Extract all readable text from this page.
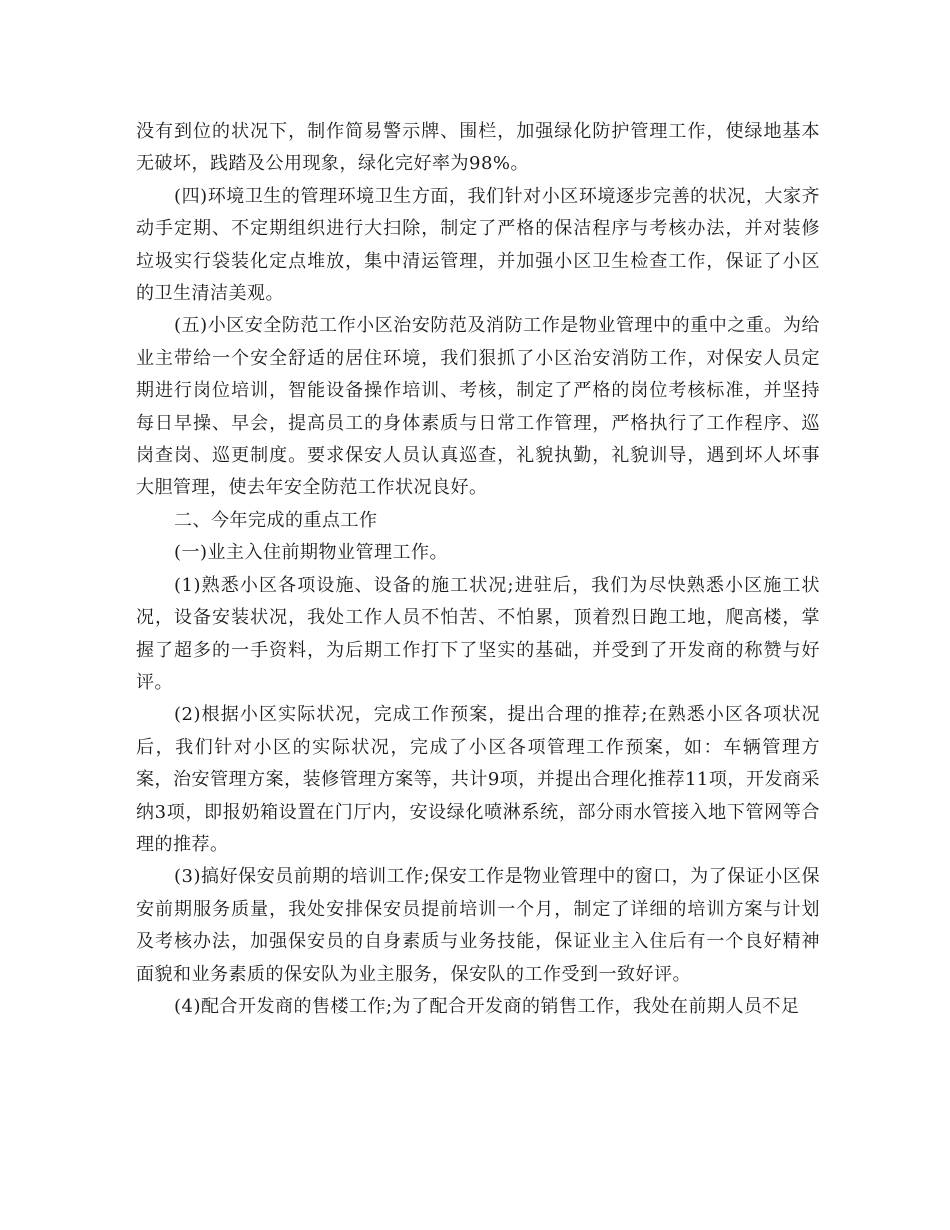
没有到位的状况下，制作简易警示牌、围栏，加强绿化防护管理工作，使绿地基本无破坏，践踏及公用现象，绿化完好率为98%。

(四)环境卫生的管理环境卫生方面，我们针对小区环境逐步完善的状况，大家齐动手定期、不定期组织进行大扫除，制定了严格的保洁程序与考核办法，并对装修垃圾实行袋装化定点堆放，集中清运管理，并加强小区卫生检查工作，保证了小区的卫生清洁美观。

(五)小区安全防范工作小区治安防范及消防工作是物业管理中的重中之重。为给业主带给一个安全舒适的居住环境，我们狠抓了小区治安消防工作，对保安人员定期进行岗位培训，智能设备操作培训、考核，制定了严格的岗位考核标准，并坚持每日早操、早会，提高员工的身体素质与日常工作管理，严格执行了工作程序、巡岗查岗、巡更制度。要求保安人员认真巡查，礼貌执勤，礼貌训导，遇到坏人坏事大胆管理，使去年安全防范工作状况良好。

二、今年完成的重点工作

(一)业主入住前期物业管理工作。

(1)熟悉小区各项设施、设备的施工状况;进驻后，我们为尽快熟悉小区施工状况，设备安装状况，我处工作人员不怕苦、不怕累，顶着烈日跑工地，爬高楼，掌握了超多的一手资料，为后期工作打下了坚实的基础，并受到了开发商的称赞与好评。

(2)根据小区实际状况，完成工作预案，提出合理的推荐;在熟悉小区各项状况后，我们针对小区的实际状况，完成了小区各项管理工作预案，如：车辆管理方案，治安管理方案，装修管理方案等，共计9项，并提出合理化推荐11项，开发商采纳3项，即报奶箱设置在门厅内，安设绿化喷淋系统，部分雨水管接入地下管网等合理的推荐。

(3)搞好保安员前期的培训工作;保安工作是物业管理中的窗口，为了保证小区保安前期服务质量，我处安排保安员提前培训一个月，制定了详细的培训方案与计划及考核办法，加强保安员的自身素质与业务技能，保证业主入住后有一个良好精神面貌和业务素质的保安队为业主服务，保安队的工作受到一致好评。

(4)配合开发商的售楼工作;为了配合开发商的销售工作，我处在前期人员不足
